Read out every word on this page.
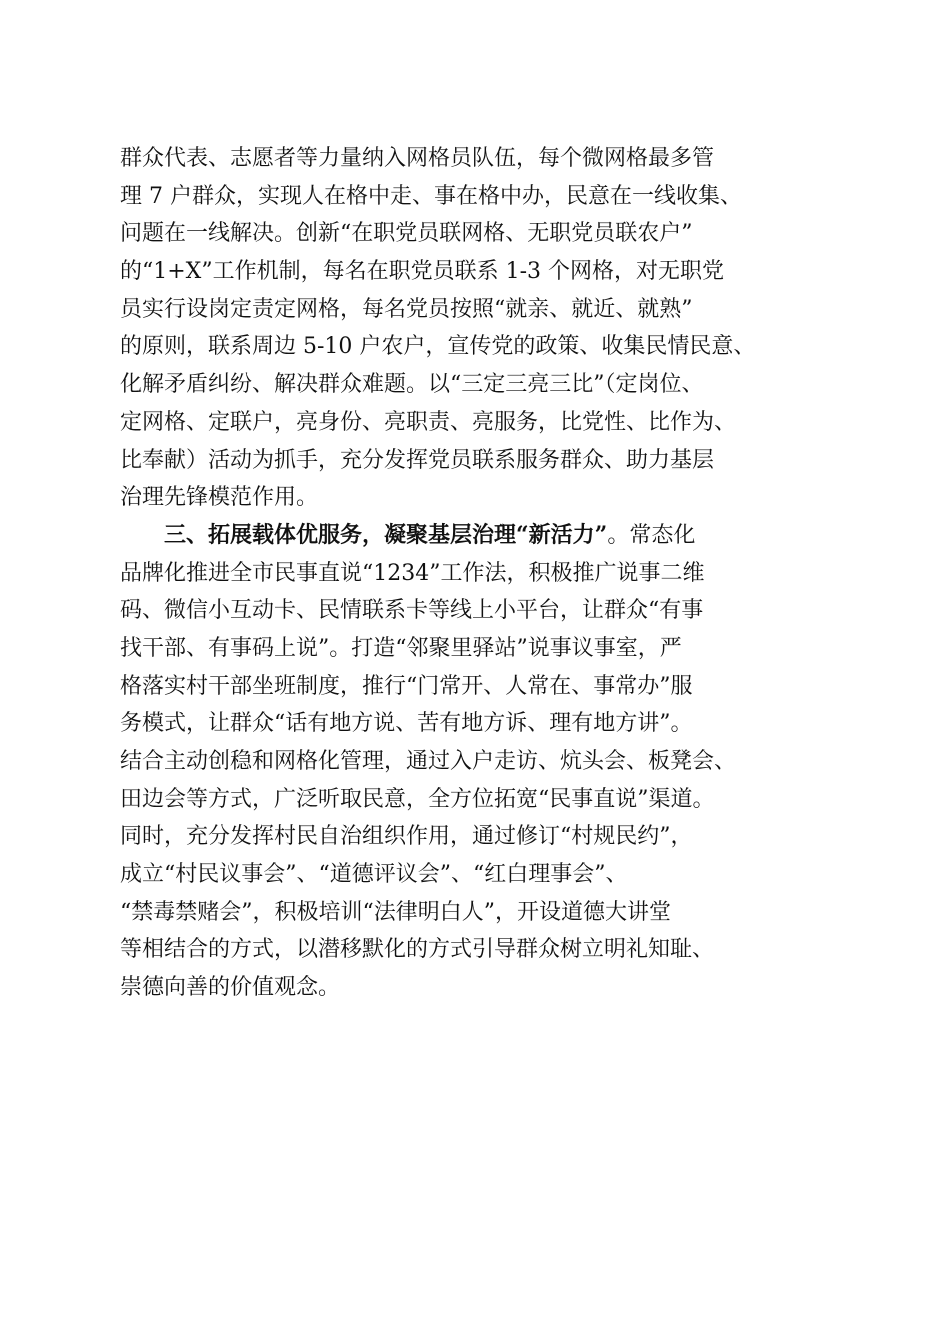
群众代表、志愿者等力量纳入网格员队伍，每个微网格最多管
理 7 户群众，实现人在格中走、事在格中办，民意在一线收集、
问题在一线解决。创新“在职党员联网格、无职党员联农户”
的“1+X”工作机制，每名在职党员联系 1-3 个网格，对无职党
员实行设岗定责定网格，每名党员按照“就亲、就近、就熟”
的原则，联系周边 5-10 户农户，宣传党的政策、收集民情民意、
化解矛盾纠纷、解决群众难题。以“三定三亮三比”（定岗位、
定网格、定联户，亮身份、亮职责、亮服务，比党性、比作为、
比奉献）活动为抓手，充分发挥党员联系服务群众、助力基层
治理先锋模范作用。
三、拓展载体优服务，凝聚基层治理“新活力”。常态化
品牌化推进全市民事直说“1234”工作法，积极推广说事二维
码、微信小互动卡、民情联系卡等线上小平台，让群众“有事
找干部、有事码上说”。打造“邻聚里驿站”说事议事室，严
格落实村干部坐班制度，推行“门常开、人常在、事常办”服
务模式，让群众“话有地方说、苦有地方诉、理有地方讲”。
结合主动创稳和网格化管理，通过入户走访、炕头会、板凳会、
田边会等方式，广泛听取民意，全方位拓宽“民事直说”渠道。
同时，充分发挥村民自治组织作用，通过修订“村规民约”，
成立“村民议事会”、“道德评议会”、“红白理事会”、
“禁毒禁赌会”，积极培训“法律明白人”，开设道德大讲堂
等相结合的方式，以潜移默化的方式引导群众树立明礼知耻、
崇德向善的价值观念。
